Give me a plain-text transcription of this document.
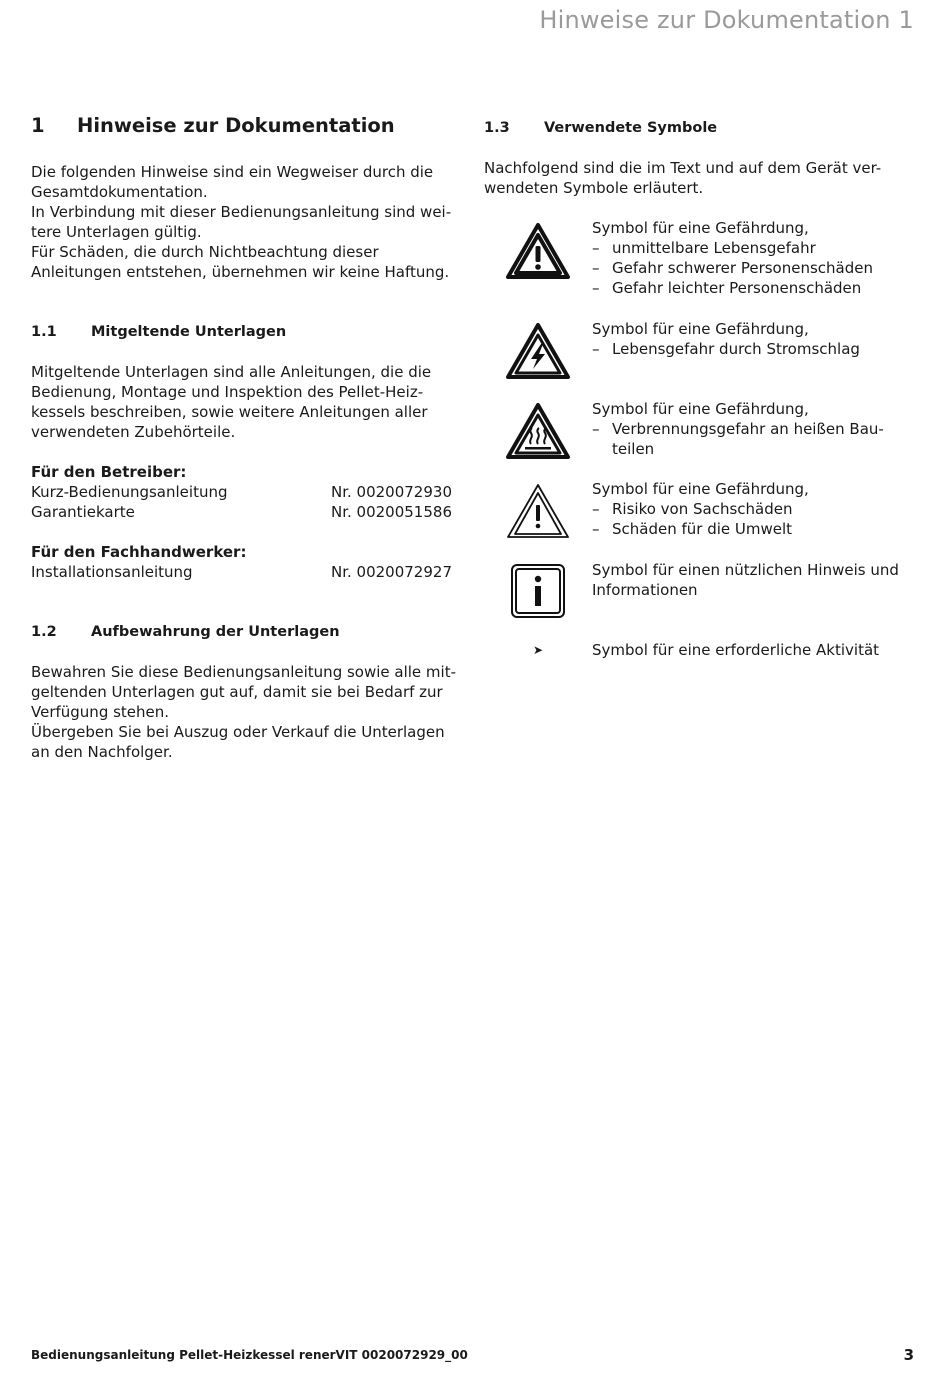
Hinweise zur Dokumentation 1
1	Hinweise zur Dokumentation

Die folgenden Hinweise sind ein Wegweiser durch die

Gesamtdokumentation.

In Verbindung mit dieser Bedienungsanleitung sind wei-

tere Unterlagen gültig.

Für Schäden, die durch Nichtbeachtung dieser

Anleitungen entstehen, übernehmen wir keine Haftung.

1.1	Mitgeltende Unterlagen

Mitgeltende Unterlagen sind alle Anleitungen, die die

Bedienung, Montage und Inspektion des Pellet-Heiz-

kessels beschreiben, sowie weitere Anleitungen aller

verwendeten Zubehörteile.

Für den Betreiber:

Kurz-Bedienungsanleitung	Nr. 0020072930
Garantiekarte	Nr. 0020051586

Für den Fachhandwerker:

Installationsanleitung	Nr. 0020072927
1.2	Aufbewahrung der Unterlagen

Bewahren Sie diese Bedienungsanleitung sowie alle mit-

geltenden Unterlagen gut auf, damit sie bei Bedarf zur

Verfügung stehen.

Übergeben Sie bei Auszug oder Verkauf die Unterlagen

an den Nachfolger.

1.3	Verwendete Symbole

Nachfolgend sind die im Text und auf dem Gerät ver-

wendeten Symbole erläutert.

Symbol für eine Gefährdung,

– unmittelbare Lebensgefahr
– Gefahr schwerer Personenschäden
– Gefahr leichter Personenschäden

Symbol für eine Gefährdung,

– Lebensgefahr durch Stromschlag

Symbol für eine Gefährdung,

– Verbrennungsgefahr an heißen Bau-
teilen

Symbol für eine Gefährdung,

– Risiko von Sachschäden
– Schäden für die Umwelt

Symbol für einen nützlichen Hinweis und

Informationen

➤	Symbol für eine erforderliche Aktivität

Bedienungsanleitung Pellet-Heizkessel renerVIT 0020072929_00	3
